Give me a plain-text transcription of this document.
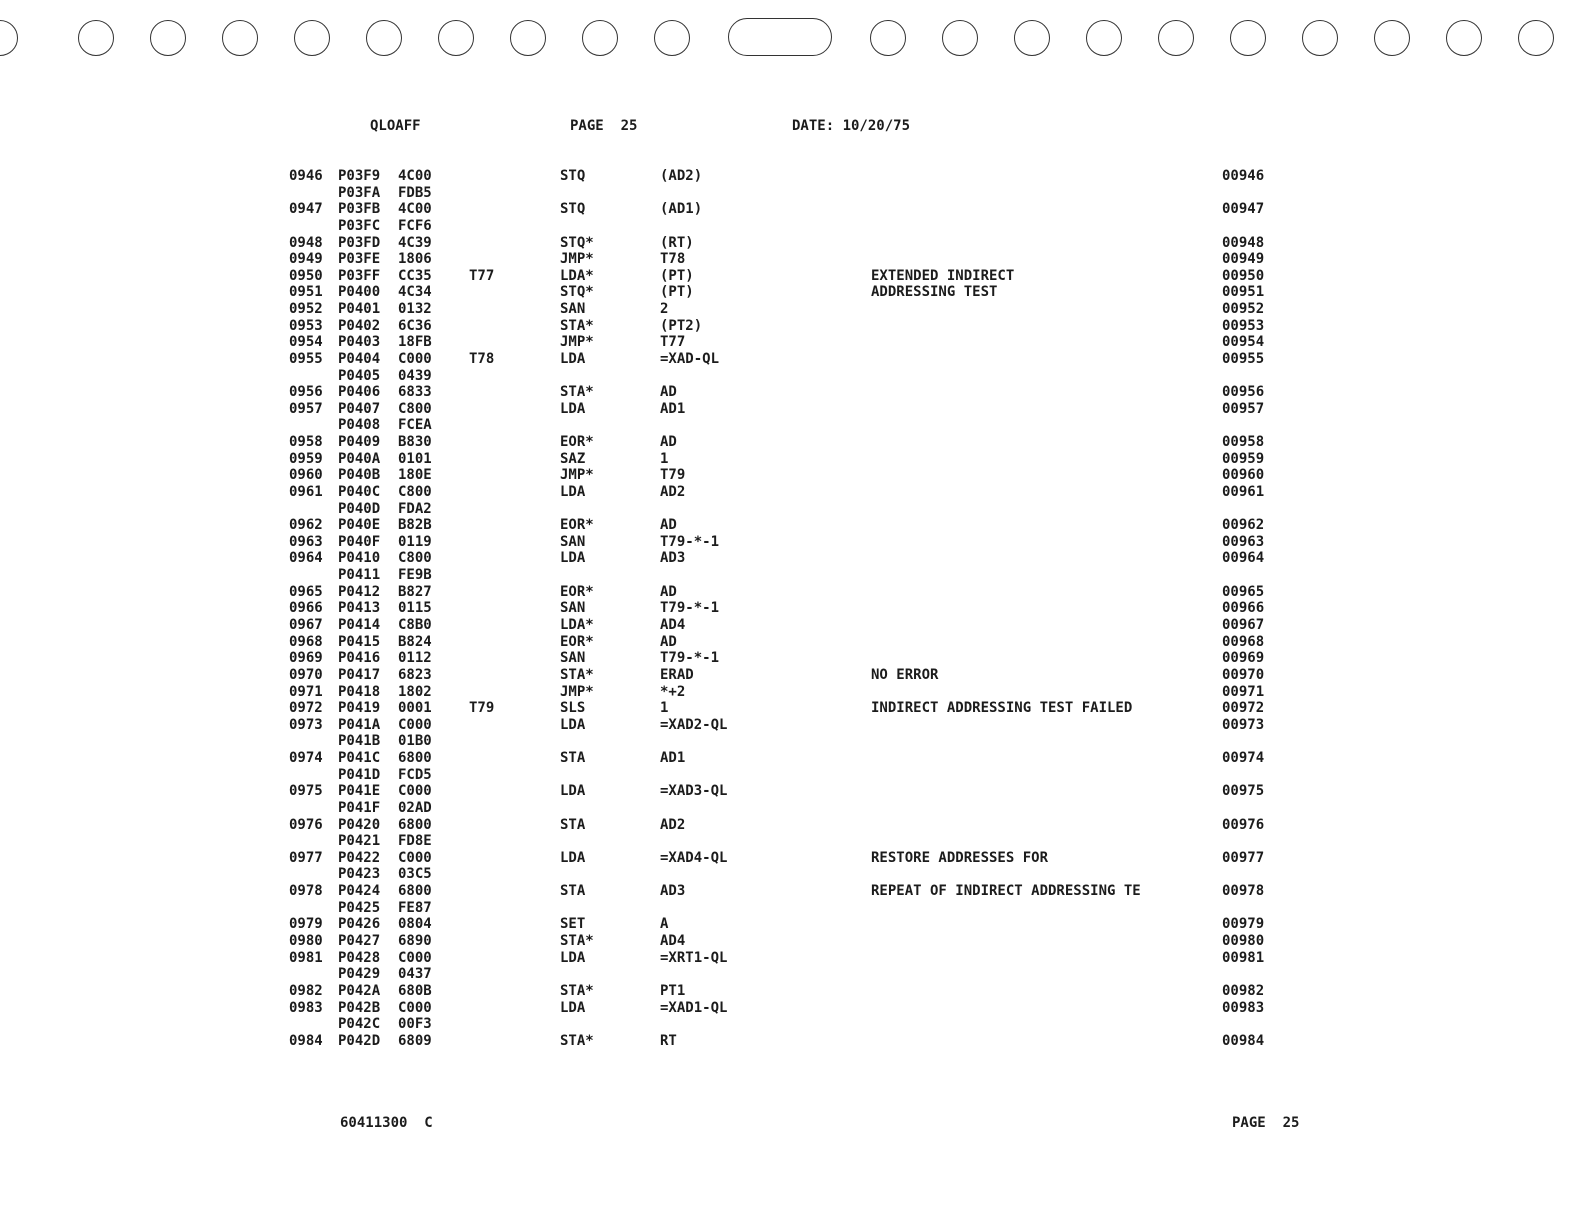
QLOAFF	PAGE  25	DATE: 10/20/75
0946 P03F9 4C00	STQ	(AD2)	00946
P03FA FDB5
0947 P03FB 4C00	STQ	(AD1)	00947
P03FC FCF6
0948 P03FD 4C39	STQ*	(RT)	00948
0949 P03FE 1806	JMP*	T78	00949
0950 P03FF CC35	T77	LDA*	(PT)	EXTENDED INDIRECT	00950
0951 P0400 4C34	STQ*	(PT)	ADDRESSING TEST	00951
0952 P0401 0132	SAN	2	00952
0953 P0402 6C36	STA*	(PT2)	00953
0954 P0403 18FB	JMP*	T77	00954
0955 P0404 C000	T78	LDA	=XAD-QL	00955
P0405 0439
0956 P0406 6833	STA*	AD	00956
0957 P0407 C800	LDA	AD1	00957
P0408 FCEA
0958 P0409 B830	EOR*	AD	00958
0959 P040A 0101	SAZ	1	00959
0960 P040B 180E	JMP*	T79	00960
0961 P040C C800	LDA	AD2	00961
P040D FDA2
0962 P040E B82B	EOR*	AD	00962
0963 P040F 0119	SAN	T79-*-1	00963
0964 P0410 C800	LDA	AD3	00964
P0411 FE9B
0965 P0412 B827	EOR*	AD	00965
0966 P0413 0115	SAN	T79-*-1	00966
0967 P0414 C8B0	LDA*	AD4	00967
0968 P0415 B824	EOR*	AD	00968
0969 P0416 0112	SAN	T79-*-1	00969
0970 P0417 6823	STA*	ERAD	NO ERROR	00970
0971 P0418 1802	JMP*	*+2	00971
0972 P0419 0001	T79	SLS	1	INDIRECT ADDRESSING TEST FAILED	00972
0973 P041A C000	LDA	=XAD2-QL	00973
P041B 01B0
0974 P041C 6800	STA	AD1	00974
P041D FCD5
0975 P041E C000	LDA	=XAD3-QL	00975
P041F 02AD
0976 P0420 6800	STA	AD2	00976
P0421 FD8E
0977 P0422 C000	LDA	=XAD4-QL	RESTORE ADDRESSES FOR	00977
P0423 03C5
0978 P0424 6800	STA	AD3	REPEAT OF INDIRECT ADDRESSING TE	00978
P0425 FE87
0979 P0426 0804	SET	A	00979
0980 P0427 6890	STA*	AD4	00980
0981 P0428 C000	LDA	=XRT1-QL	00981
P0429 0437
0982 P042A 680B	STA*	PT1	00982
0983 P042B C000	LDA	=XAD1-QL	00983
P042C 00F3
0984 P042D 6809	STA*	RT	00984
60411300  C	PAGE  25
